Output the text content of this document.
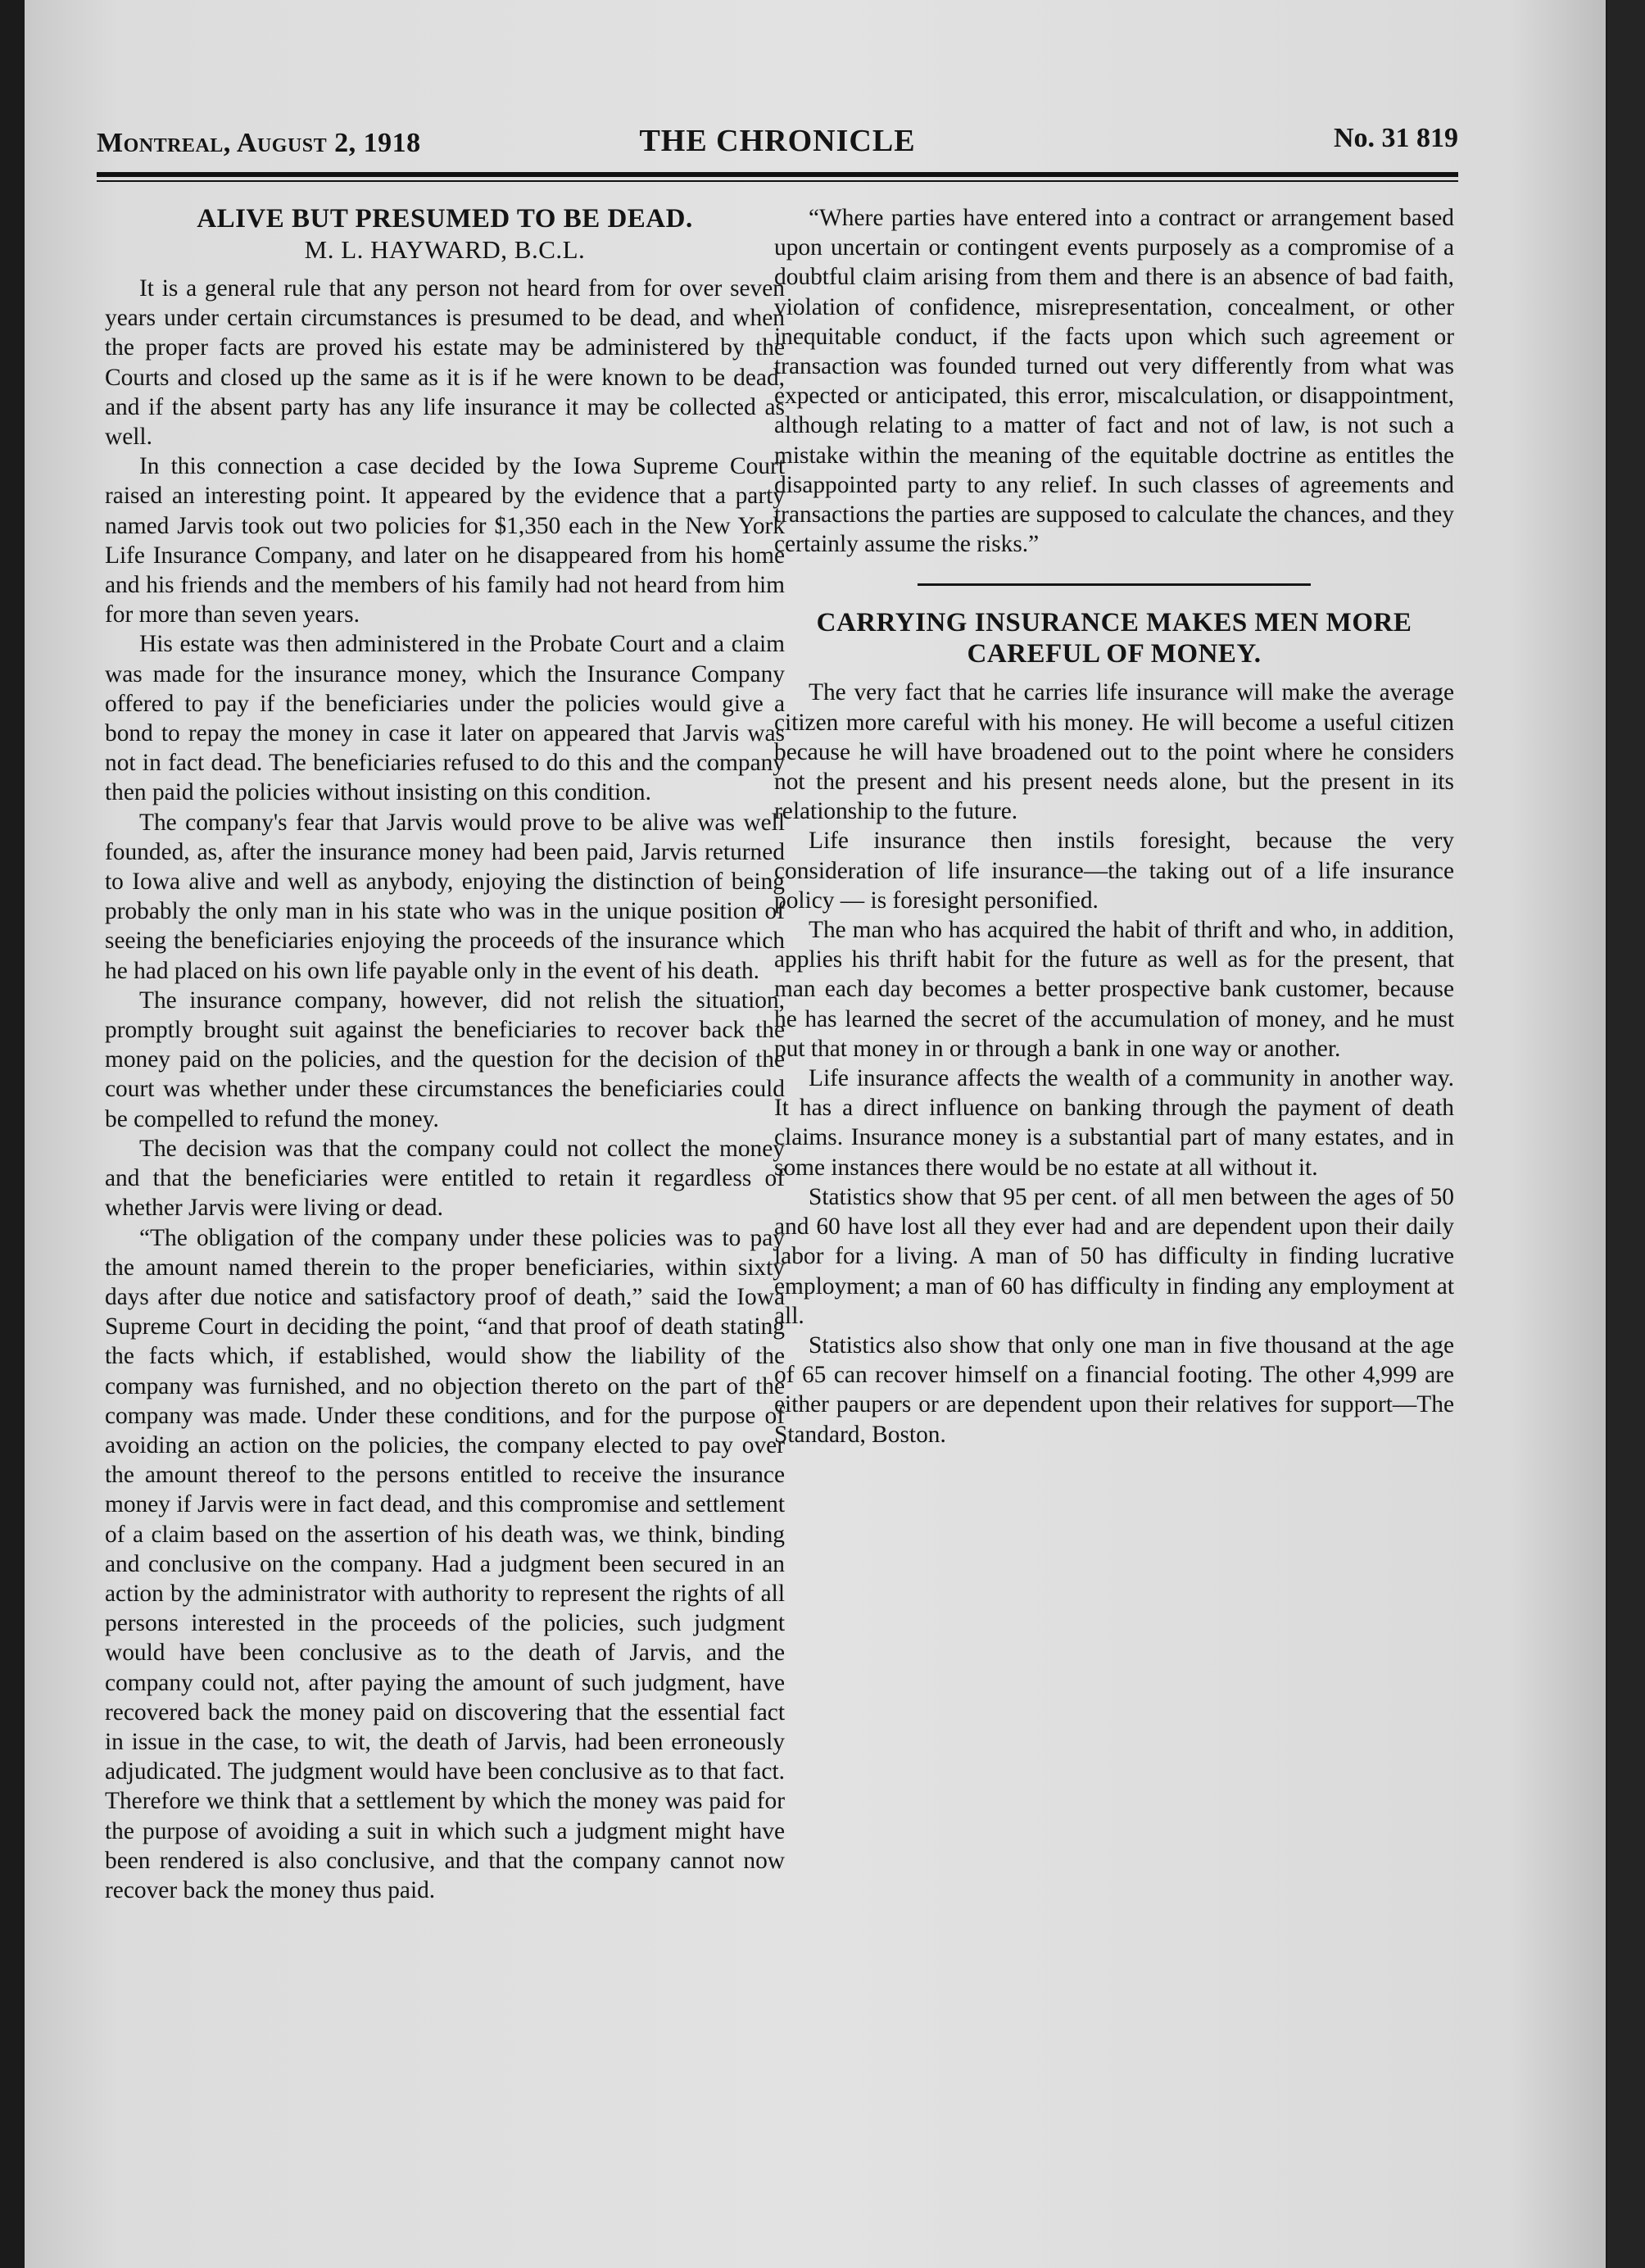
Montreal, August 2, 1918	THE CHRONICLE	No. 31 819
ALIVE BUT PRESUMED TO BE DEAD.
M. L. HAYWARD, B.C.L.

It is a general rule that any person not heard from for over seven years under certain circumstances is presumed to be dead, and when the proper facts are proved his estate may be administered by the Courts and closed up the same as it is if he were known to be dead, and if the absent party has any life insurance it may be collected as well.

In this connection a case decided by the Iowa Supreme Court raised an interesting point. It appeared by the evidence that a party named Jarvis took out two policies for $1,350 each in the New York Life Insurance Company, and later on he disappeared from his home and his friends and the members of his family had not heard from him for more than seven years.

His estate was then administered in the Probate Court and a claim was made for the insurance money, which the Insurance Company offered to pay if the beneficiaries under the policies would give a bond to repay the money in case it later on appeared that Jarvis was not in fact dead. The beneficiaries refused to do this and the company then paid the policies without insisting on this condition.

The company's fear that Jarvis would prove to be alive was well founded, as, after the insurance money had been paid, Jarvis returned to Iowa alive and well as anybody, enjoying the distinction of being probably the only man in his state who was in the unique position of seeing the beneficiaries enjoying the proceeds of the insurance which he had placed on his own life payable only in the event of his death.

The insurance company, however, did not relish the situation, promptly brought suit against the beneficiaries to recover back the money paid on the policies, and the question for the decision of the court was whether under these circumstances the beneficiaries could be compelled to refund the money.

The decision was that the company could not collect the money and that the beneficiaries were entitled to retain it regardless of whether Jarvis were living or dead.

“The obligation of the company under these policies was to pay the amount named therein to the proper beneficiaries, within sixty days after due notice and satisfactory proof of death,” said the Iowa Supreme Court in deciding the point, “and that proof of death stating the facts which, if established, would show the liability of the company was furnished, and no objection thereto on the part of the company was made. Under these conditions, and for the purpose of avoiding an action on the policies, the company elected to pay over the amount thereof to the persons entitled to receive the insurance money if Jarvis were in fact dead, and this compromise and settlement of a claim based on the assertion of his death was, we think, binding and conclusive on the company. Had a judgment been secured in an action by the administrator with authority to represent the rights of all persons interested in the proceeds of the policies, such judgment would have been conclusive as to the death of Jarvis, and the company could not, after paying the amount of such judgment, have recovered back the money paid on discovering that the essential fact in issue in the case, to wit, the death of Jarvis, had been erroneously adjudicated. The judgment would have been conclusive as to that fact. Therefore we think that a settlement by which the money was paid for the purpose of avoiding a suit in which such a judgment might have been rendered is also conclusive, and that the company cannot now recover back the money thus paid.

“Where parties have entered into a contract or arrangement based upon uncertain or contingent events purposely as a compromise of a doubtful claim arising from them and there is an absence of bad faith, violation of confidence, misrepresentation, concealment, or other inequitable conduct, if the facts upon which such agreement or transaction was founded turned out very differently from what was expected or anticipated, this error, miscalculation, or disappointment, although relating to a matter of fact and not of law, is not such a mistake within the meaning of the equitable doctrine as entitles the disappointed party to any relief. In such classes of agreements and transactions the parties are supposed to calculate the chances, and they certainly assume the risks.”

CARRYING INSURANCE MAKES MEN MORE
CAREFUL OF MONEY.

The very fact that he carries life insurance will make the average citizen more careful with his money. He will become a useful citizen because he will have broadened out to the point where he considers not the present and his present needs alone, but the present in its relationship to the future.

Life insurance then instils foresight, because the very consideration of life insurance—the taking out of a life insurance policy — is foresight personified.

The man who has acquired the habit of thrift and who, in addition, applies his thrift habit for the future as well as for the present, that man each day becomes a better prospective bank customer, because he has learned the secret of the accumulation of money, and he must put that money in or through a bank in one way or another.

Life insurance affects the wealth of a community in another way. It has a direct influence on banking through the payment of death claims. Insurance money is a substantial part of many estates, and in some instances there would be no estate at all without it.

Statistics show that 95 per cent. of all men between the ages of 50 and 60 have lost all they ever had and are dependent upon their daily labor for a living. A man of 50 has difficulty in finding lucrative employment; a man of 60 has difficulty in finding any employment at all.

Statistics also show that only one man in five thousand at the age of 65 can recover himself on a financial footing. The other 4,999 are either paupers or are dependent upon their relatives for support—The Standard, Boston.
